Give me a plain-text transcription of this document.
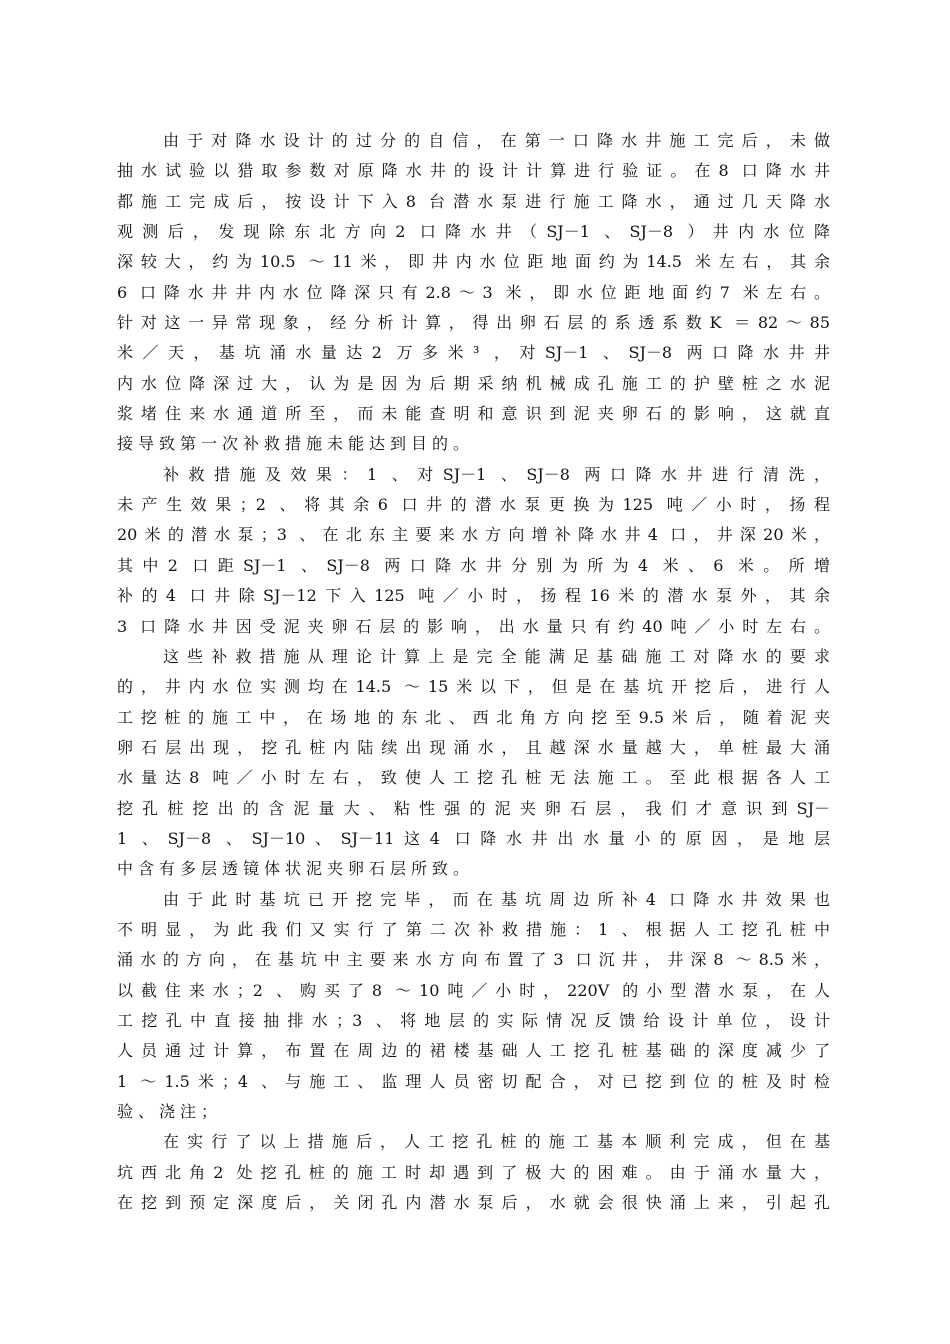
由于对降水设计的过分的自信，在第一口降水井施工完后，未做
抽水试验以猎取参数对原降水井的设计计算进行验证。在8 口降水井
都施工完成后，按设计下入8 台潜水泵进行施工降水，通过几天降水
观测后，发现除东北方向2 口降水井（SJ－1 、SJ－8 ）井内水位降
深较大，约为10.5 ～11米，即井内水位距地面约为14.5 米左右，其余
6 口降水井井内水位降深只有2.8～3 米，即水位距地面约7 米左右。
针对这一异常现象，经分析计算，得出卵石层的系透系数K ＝82～85
米／天，基坑涌水量达2 万多米³ ，对SJ－1 、SJ－8 两口降水井井
内水位降深过大，认为是因为后期采纳机械成孔施工的护壁桩之水泥
浆堵住来水通道所至，而未能查明和意识到泥夹卵石的影响，这就直
接导致第一次补救措施未能达到目的。
补救措施及效果：1 、对SJ－1 、SJ－8 两口降水井进行清洗，
未产生效果；2 、将其余6 口井的潜水泵更换为125 吨／小时，扬程
20米的潜水泵；3 、在北东主要来水方向增补降水井4 口，井深20米，
其中2 口距SJ－1 、SJ－8 两口降水井分别为所为4 米、6 米。所增
补的4 口井除SJ－12下入125 吨／小时，扬程16米的潜水泵外，其余
3 口降水井因受泥夹卵石层的影响，出水量只有约40吨／小时左右。
这些补救措施从理论计算上是完全能满足基础施工对降水的要求
的，井内水位实测均在14.5 ～15米以下，但是在基坑开挖后，进行人
工挖桩的施工中，在场地的东北、西北角方向挖至9.5米后，随着泥夹
卵石层出现，挖孔桩内陆续出现涌水，且越深水量越大，单桩最大涌
水量达8 吨／小时左右，致使人工挖孔桩无法施工。至此根据各人工
挖孔桩挖出的含泥量大、粘性强的泥夹卵石层，我们才意识到SJ－
1 、SJ－8 、SJ－10、SJ－11这4 口降水井出水量小的原因，是地层
中含有多层透镜体状泥夹卵石层所致。
由于此时基坑已开挖完毕，而在基坑周边所补4 口降水井效果也
不明显，为此我们又实行了第二次补救措施：1 、根据人工挖孔桩中
涌水的方向，在基坑中主要来水方向布置了3 口沉井，井深8 ～8.5米，
以截住来水；2 、购买了8 ～10吨／小时，220V 的小型潜水泵，在人
工挖孔中直接抽排水；3 、将地层的实际情况反馈给设计单位，设计
人员通过计算，布置在周边的裙楼基础人工挖孔桩基础的深度减少了
1 ～1.5米；4 、与施工、监理人员密切配合，对已挖到位的桩及时检
验、浇注；
在实行了以上措施后，人工挖孔桩的施工基本顺利完成，但在基
坑西北角2 处挖孔桩的施工时却遇到了极大的困难。由于涌水量大，
在挖到预定深度后，关闭孔内潜水泵后，水就会很快涌上来，引起孔
